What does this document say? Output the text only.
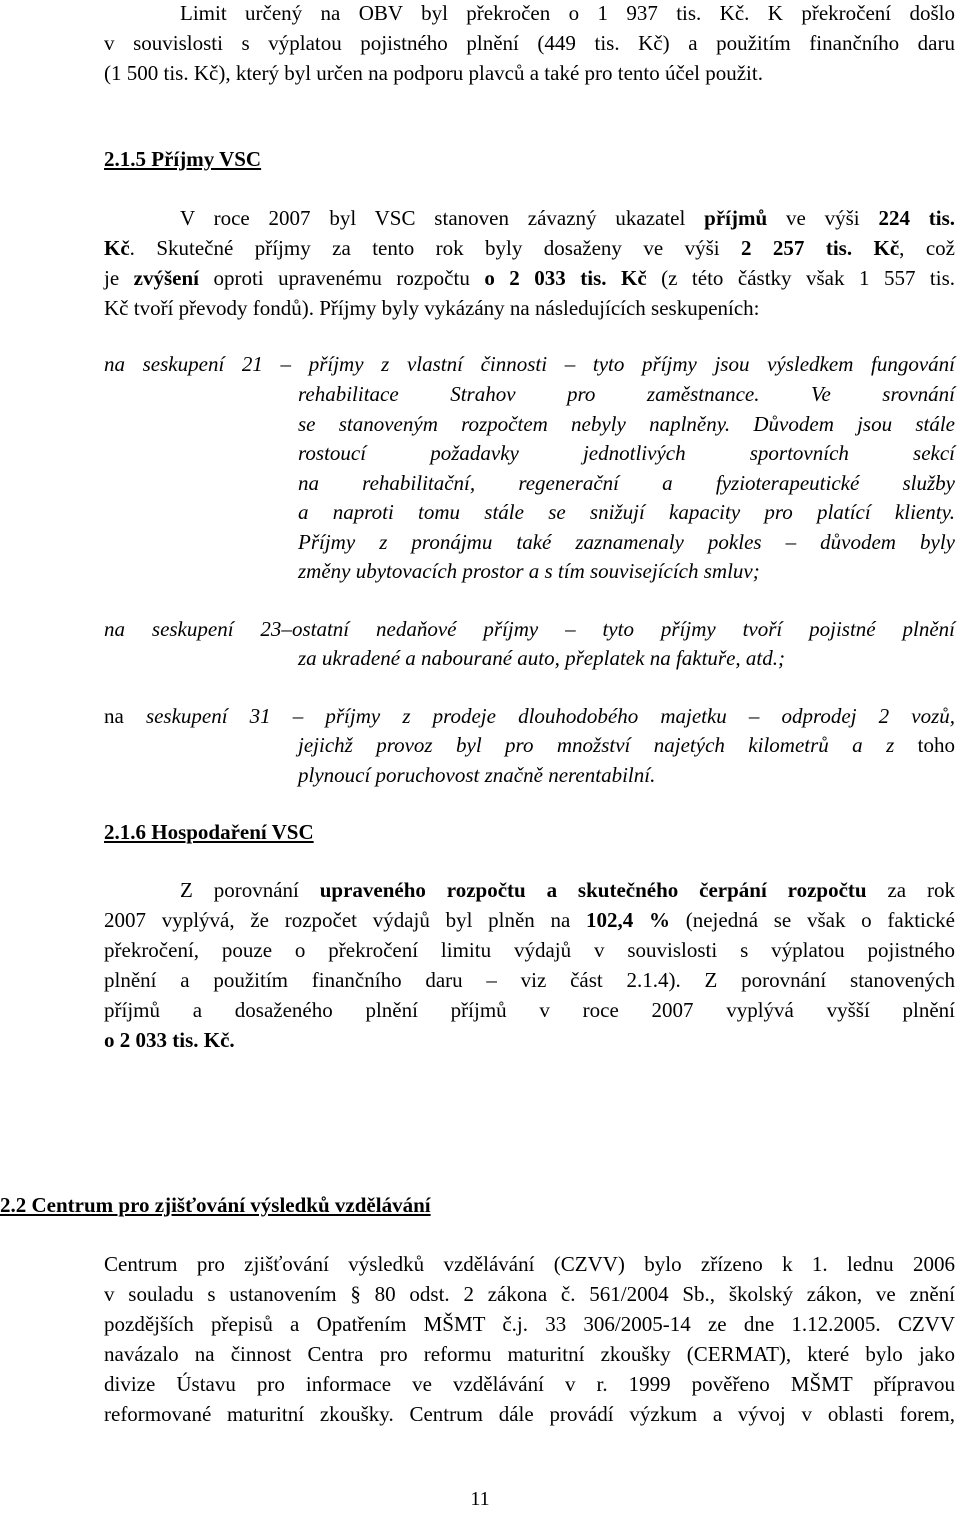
Limit určený na OBV byl překročen o 1 937 tis. Kč. K překročení došlo
v souvislosti s výplatou pojistného plnění (449 tis. Kč) a použitím finančního daru
(1 500 tis. Kč), který byl určen na podporu plavců a také pro tento účel použit.
2.1.5 Příjmy VSC
V roce 2007 byl VSC stanoven závazný ukazatel příjmů ve výši 224 tis.
Kč. Skutečné příjmy za tento rok byly dosaženy ve výši 2 257 tis. Kč, což
je zvýšení oproti upravenému rozpočtu o 2 033 tis. Kč (z této částky však 1 557 tis.
Kč tvoří převody fondů). Příjmy byly vykázány na následujících seskupeních:
na seskupení 21 – příjmy z vlastní činnosti – tyto příjmy jsou výsledkem fungování
rehabilitace Strahov pro zaměstnance. Ve srovnání
se stanoveným rozpočtem nebyly naplněny. Důvodem jsou stále
rostoucí požadavky jednotlivých sportovních sekcí
na rehabilitační, regenerační a fyzioterapeutické služby
a naproti tomu stále se snižují kapacity pro platící klienty.
Příjmy z pronájmu také zaznamenaly pokles – důvodem byly
změny ubytovacích prostor a s tím souvisejících smluv;
na seskupení 23–ostatní nedaňové příjmy – tyto příjmy tvoří pojistné plnění
za ukradené a nabourané auto, přeplatek na faktuře, atd.;
na seskupení 31 – příjmy z prodeje dlouhodobého majetku – odprodej 2 vozů,
jejichž provoz byl pro množství najetých kilometrů a z toho
plynoucí poruchovost značně nerentabilní.
2.1.6 Hospodaření VSC
Z porovnání upraveného rozpočtu a skutečného čerpání rozpočtu za rok
2007 vyplývá, že rozpočet výdajů byl plněn na 102,4 % (nejedná se však o faktické
překročení, pouze o překročení limitu výdajů v souvislosti s výplatou pojistného
plnění a použitím finančního daru – viz část 2.1.4). Z porovnání stanovených
příjmů a dosaženého plnění příjmů v roce 2007 vyplývá vyšší plnění
o 2 033 tis. Kč.
2.2 Centrum pro zjišťování výsledků vzdělávání
Centrum pro zjišťování výsledků vzdělávání (CZVV) bylo zřízeno k 1. lednu 2006
v souladu s ustanovením § 80 odst. 2 zákona č. 561/2004 Sb., školský zákon, ve znění
pozdějších přepisů a Opatřením MŠMT č.j. 33 306/2005-14 ze dne 1.12.2005. CZVV
navázalo na činnost Centra pro reformu maturitní zkoušky (CERMAT), které bylo jako
divize Ústavu pro informace ve vzdělávání v r. 1999 pověřeno MŠMT přípravou
reformované maturitní zkoušky. Centrum dále provádí výzkum a vývoj v oblasti forem,
11
